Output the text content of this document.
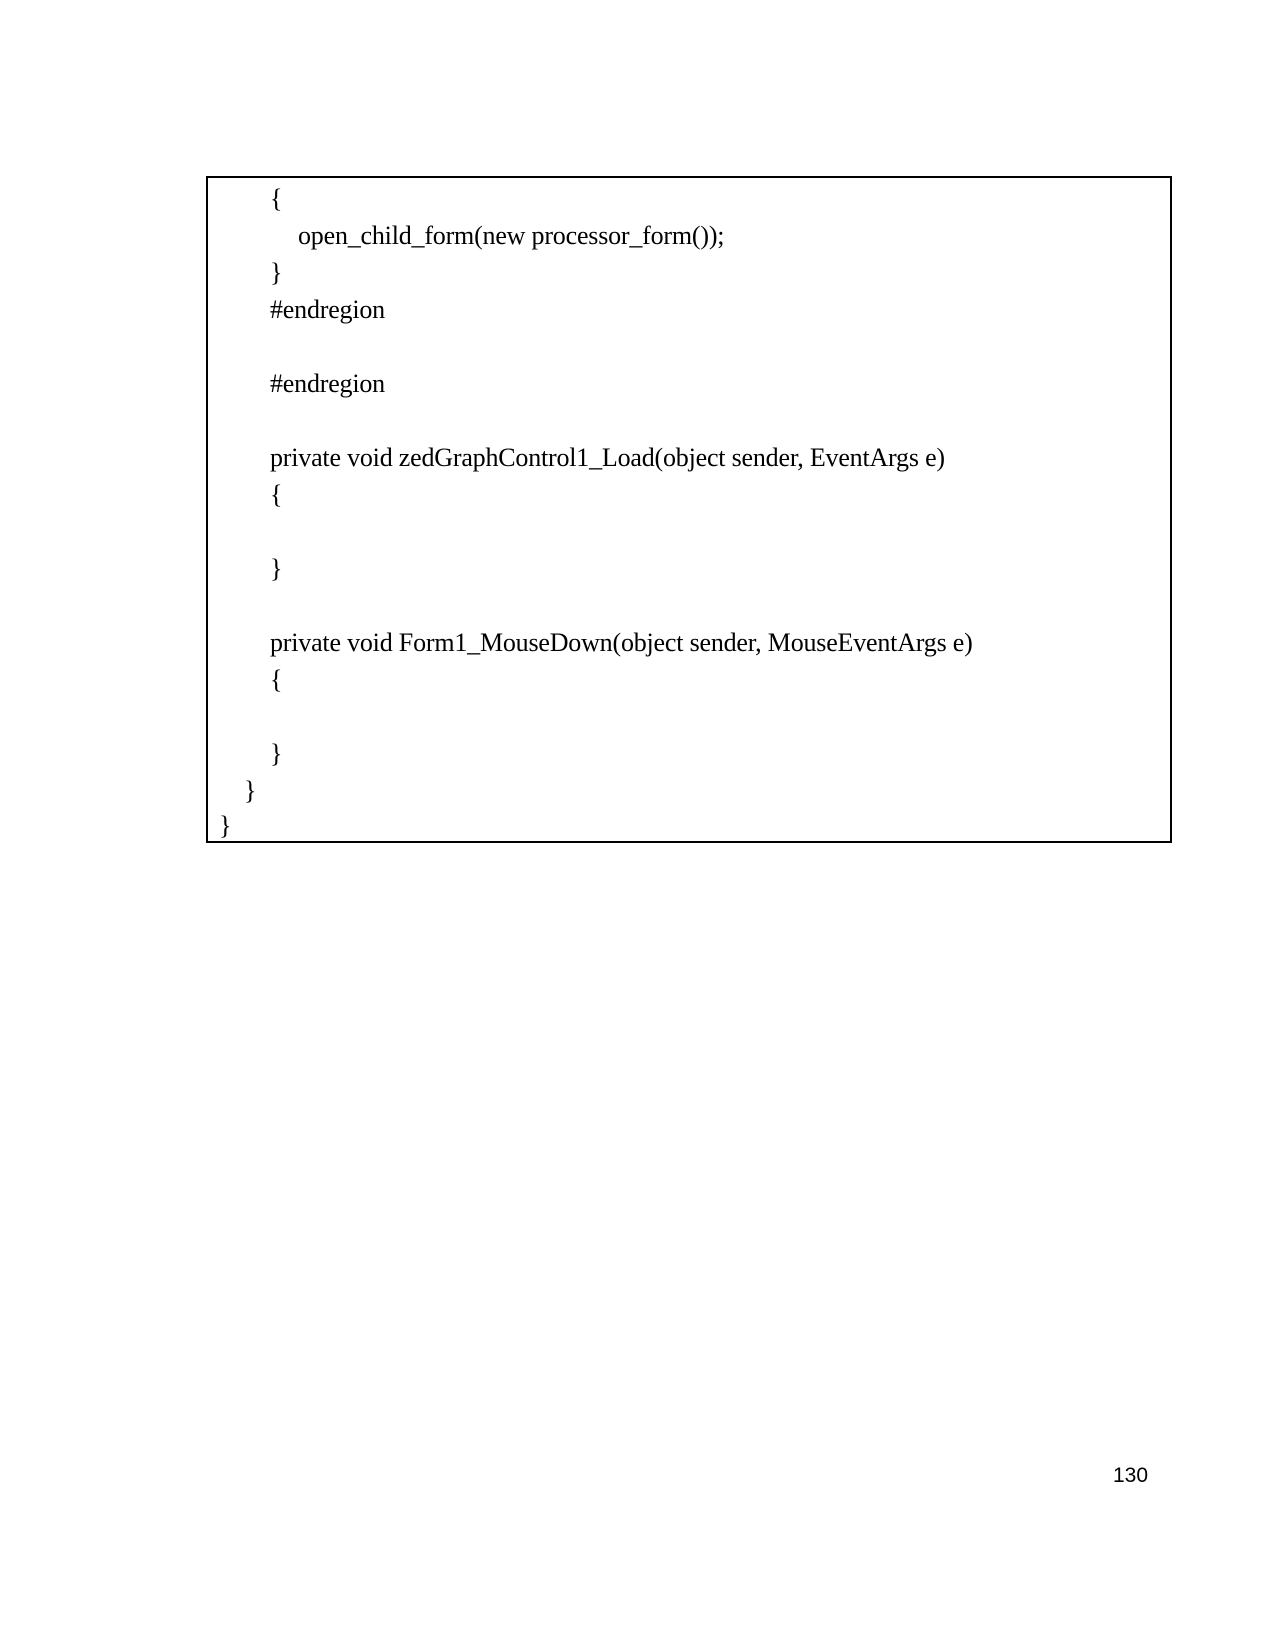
{
open_child_form(new processor_form());
}
#endregion
#endregion
private void zedGraphControl1_Load(object sender, EventArgs e)
{
}
private void Form1_MouseDown(object sender, MouseEventArgs e)
{
}
}
}
130
